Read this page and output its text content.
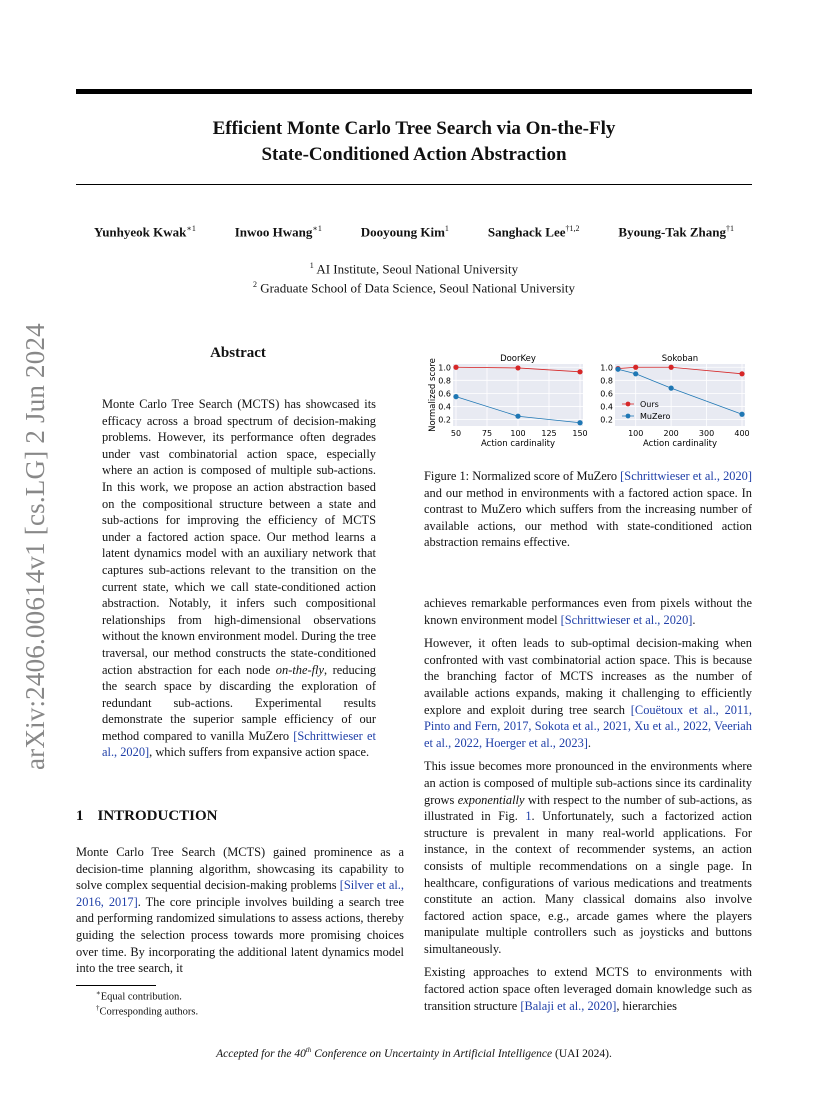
Efficient Monte Carlo Tree Search via On-the-Fly
State-Conditioned Action Abstraction
Yunhyeok Kwak$^{∗1}$	Inwoo Hwang$^{∗1}$	Dooyoung Kim$^1$	Sanghack Lee$^{\dagger 1,2}$	Byoung-Tak Zhang$^{\dagger 1}$
$^1$ AI Institute, Seoul National University
$^2$ Graduate School of Data Science, Seoul National University
arXiv:2406.00614v1 [cs.LG] 2 Jun 2024	Abstract
Monte Carlo Tree Search (MCTS) has showcased its efficacy across a broad spectrum of decision-making problems. However, its performance often degrades under vast combinatorial action space, especially where an action is composed of multiple sub-actions. In this work, we propose an action abstraction based on the compositional structure between a state and sub-actions for improving the efficiency of MCTS under a factored action space. Our method learns a latent dynamics model with an auxiliary network that captures sub-actions relevant to the transition on the current state, which we call state-conditioned action abstraction. Notably, it infers such compositional relationships from high-dimensional observations without the known environment model. During the tree traversal, our method constructs the state-conditioned action abstraction for each node on-the-fly, reducing the search space by discarding the exploration of redundant sub-actions. Experimental results demonstrate the superior sample efficiency of our method compared to vanilla MuZero [Schrittwieser et al., 2020], which suffers from expansive action space.
1 INTRODUCTION
Monte Carlo Tree Search (MCTS) gained prominence as a decision-time planning algorithm, showcasing its capability to solve complex sequential decision-making problems [Silver et al., 2016, 2017]. The core principle involves building a search tree and performing randomized simulations to assess actions, thereby guiding the selection process towards more promising choices over time. By incorporating the additional latent dynamics model into the tree search, it
∗Equal contribution.
†Corresponding authors.
Normalized score	DoorKey
1.0
0.8
0.6
0.4
0.2
50	75 100 125 150
Action cardinality
Sokoban
1.0
0.8
0.6
0.4
0.2
100	200	300	400
Action cardinality
Ours
MuZero
Figure 1: Normalized score of MuZero [Schrittwieser et al., 2020] and our method in environments with a factored action space. In contrast to MuZero which suffers from the increasing number of available actions, our method with state-conditioned action abstraction remains effective.

achieves remarkable performances even from pixels without the known environment model [Schrittwieser et al., 2020].

However, it often leads to sub-optimal decision-making when confronted with vast combinatorial action space. This is because the branching factor of MCTS increases as the number of available actions expands, making it challenging to efficiently explore and exploit during tree search [Couëtoux et al., 2011, Pinto and Fern, 2017, Sokota et al., 2021, Xu et al., 2022, Veeriah et al., 2022, Hoerger et al., 2023].

This issue becomes more pronounced in the environments where an action is composed of multiple sub-actions since its cardinality grows exponentially with respect to the number of sub-actions, as illustrated in Fig. 1. Unfortunately, such a factorized action structure is prevalent in many real-world applications. For instance, in the context of recommender systems, an action consists of multiple recommendations on a single page. In healthcare, configurations of various medications and treatments constitute an action. Many classical domains also involve factored action space, e.g., arcade games where the players manipulate multiple controllers such as joysticks and buttons simultaneously.

Existing approaches to extend MCTS to environments with factored action space often leveraged domain knowledge such as transition structure [Balaji et al., 2020], hierarchies

Accepted for the 40th Conference on Uncertainty in Artificial Intelligence (UAI 2024).
